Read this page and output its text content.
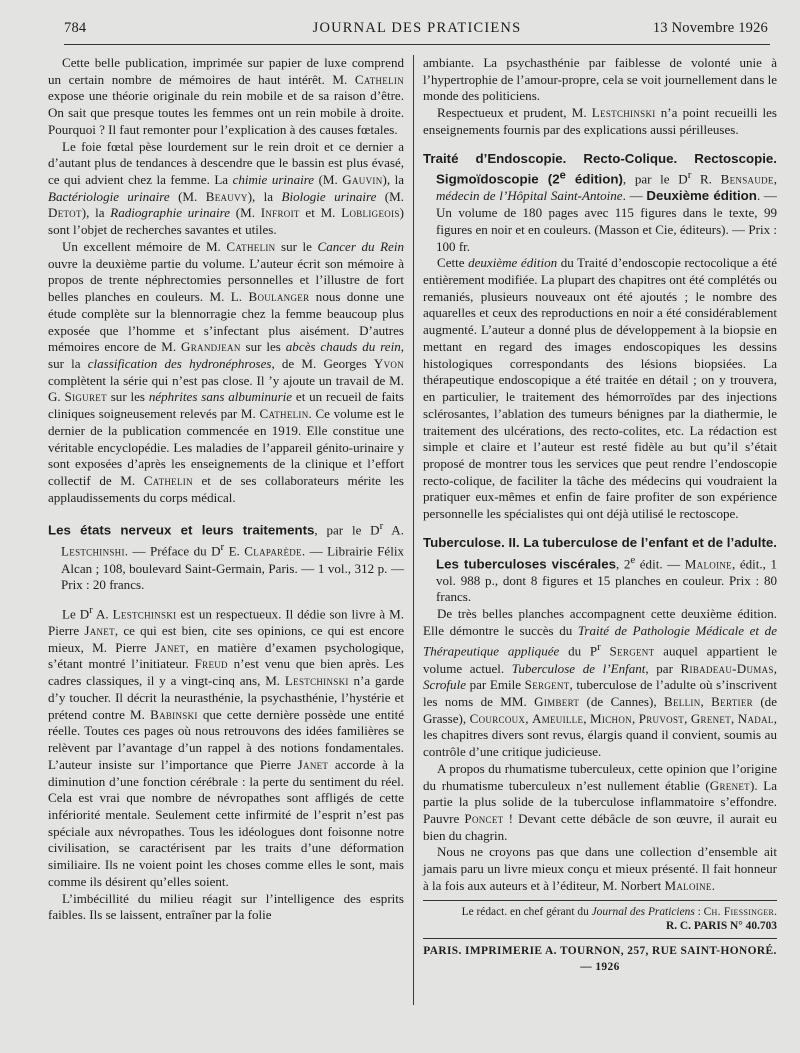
784	JOURNAL DES PRATICIENS	13 Novembre 1926

Cette belle publication, imprimée sur papier de luxe comprend un certain nombre de mémoires de haut intérêt. M. Cathelin expose une théorie originale du rein mobile et de sa raison d’être. On sait que presque toutes les femmes ont un rein mobile à droite. Pourquoi ? Il faut remonter pour l’explication à des causes fœtales.

Le foie fœtal pèse lourdement sur le rein droit et ce dernier a d’autant plus de tendances à descendre que le bassin est plus évasé, ce qui advient chez la femme. La chimie urinaire (M. Gauvin), la Bactériologie urinaire (M. Beauvy), la Biologie urinaire (M. Detot), la Radiographie urinaire (M. Infroit et M. Lobligeois) sont l’objet de recherches savantes et utiles.

Un excellent mémoire de M. Cathelin sur le Cancer du Rein ouvre la deuxième partie du volume. L’auteur écrit son mémoire à propos de trente néphrectomies personnelles et l’illustre de fort belles planches en couleurs. M. L. Boulanger nous donne une étude complète sur la blennorragie chez la femme beaucoup plus exposée que l’homme et s’infectant plus aisément. D’autres mémoires encore de M. Grandjean sur les abcès chauds du rein, sur la classification des hydronéphroses, de M. Georges Yvon complètent la série qui n’est pas close. Il ’y ajoute un travail de M. G. Siguret sur les néphrites sans albuminurie et un recueil de faits cliniques soigneusement relevés par M. Cathelin. Ce volume est le dernier de la publication commencée en 1919. Elle constitue une véritable encyclopédie. Les maladies de l’appareil génito-urinaire y sont exposées d’après les enseignements de la clinique et l’effort collectif de M. Cathelin et de ses collaborateurs mérite les applaudissements du corps médical.

Les états nerveux et leurs traitements, par le $D^r$ A. Lestchinshi. — Préface du $D^r$ E. Claparède. — Librairie Félix Alcan ; 108, boulevard Saint-Germain, Paris. — 1 vol., 312 p. — Prix : 20 francs.

Le $D^r$ A. Lestchinski est un respectueux. Il dédie son livre à M. Pierre Janet, ce qui est bien, cite ses opinions, ce qui est encore mieux, M. Pierre Janet, en matière d’examen psychologique, s’étant montré l’initiateur. Freud n’est venu que bien après. Les cadres classiques, il y a vingt-cinq ans, M. Lestchinski n’a garde d’y toucher. Il décrit la neurasthénie, la psychasthénie, l’hystérie et prétend contre M. Babinski que cette dernière possède une entité réelle. Toutes ces pages où nous retrouvons des idées familières se relèvent par l’avantage d’un rappel à des notions fondamentales. L’auteur insiste sur l’importance que Pierre Janet accorde à la diminution d’une fonction cérébrale : la perte du sentiment du réel. Cela est vrai que nombre de névropathes sont affligés de cette infériorité mentale. Seulement cette infirmité de l’esprit n’est pas spéciale aux névropathes. Tous les idéologues dont foisonne notre civilisation, se caractérisent par les traits d’une déformation similiaire. Ils ne voient point les choses comme elles le sont, mais comme ils désirent qu’elles soient.

L’imbécillité du milieu réagit sur l’intelligence des esprits faibles. Ils se laissent, entraîner par la folie

ambiante. La psychasthénie par faiblesse de volonté unie à l’hypertrophie de l’amour-propre, cela se voit journellement dans le monde des politiciens.

Respectueux et prudent, M. Lestchinski n’a point recueilli les enseignements fournis par des explications aussi périlleuses.

Traité d’Endoscopie. Recto-Colique. Rectoscopie. Sigmoïdoscopie (2e édition), par le $D^r$ R. Bensaude, médecin de l’Hôpital Saint-Antoine. — Deuxième édition. — Un volume de 180 pages avec 115 figures dans le texte, 99 figures en noir et en couleurs. (Masson et Cie, éditeurs). — Prix : 100 fr.

Cette deuxième édition du Traité d’endoscopie rectocolique a été entièrement modifiée. La plupart des chapitres ont été complétés ou remaniés, plusieurs nouveaux ont été ajoutés ; le nombre des aquarelles et ceux des reproductions en noir a été considérablement augmenté. L’auteur a donné plus de développement à la biopsie en mettant en regard des images endoscopiques les dessins histologiques correspondants des lésions biopsiées. La thérapeutique endoscopique a été traitée en détail ; on y trouvera, en particulier, le traitement des hémorroïdes par des injections sclérosantes, l’ablation des tumeurs bénignes par la diathermie, le traitement des ulcérations, des recto-colites, etc. La rédaction est simple et claire et l’auteur est resté fidèle au but qu’il s’était proposé de montrer tous les services que peut rendre l’endoscopie recto-colique, de faciliter la tâche des médecins qui voudraient la pratiquer eux-mêmes et enfin de faire profiter de son expérience personnelle les spécialistes qui ont déjà utilisé le rectoscope.

Tuberculose. II. La tuberculose de l’enfant et de l’adulte. Les tuberculoses viscérales, 2e édit. — Maloine, édit., 1 vol. 988 p., dont 8 figures et 15 planches en couleur. Prix : 80 francs.

De très belles planches accompagnent cette deuxième édition. Elle démontre le succès du Traité de Pathologie Médicale et de Thérapeutique appliquée du $P^r$ Sergent auquel appartient le volume actuel. Tuberculose de l’Enfant, par Ribadeau-Dumas, Scrofule par Emile Sergent, tuberculose de l’adulte où s’inscrivent les noms de MM. Gimbert (de Cannes), Bellin, Bertier (de Grasse), Courcoux, Ameuille, Michon, Pruvost, Grenet, Nadal, les chapitres divers sont revus, élargis quand il convient, soumis au contrôle d’une critique judicieuse.

A propos du rhumatisme tuberculeux, cette opinion que l’origine du rhumatisme tuberculeux n’est nullement établie (Grenet). La partie la plus solide de la tuberculose inflammatoire s’effondre. Pauvre Poncet ! Devant cette débâcle de son œuvre, il aurait eu bien du chagrin.

Nous ne croyons pas que dans une collection d’ensemble ait jamais paru un livre mieux conçu et mieux présenté. Il fait honneur à la fois aux auteurs et à l’éditeur, M. Norbert Maloine.

Le rédact. en chef gérant du Journal des Praticiens : Ch. Fiessinger.
R. C. PARIS N° 40.703
PARIS. IMPRIMERIE A. TOURNON, 257, RUE SAINT-HONORÉ. — 1926
